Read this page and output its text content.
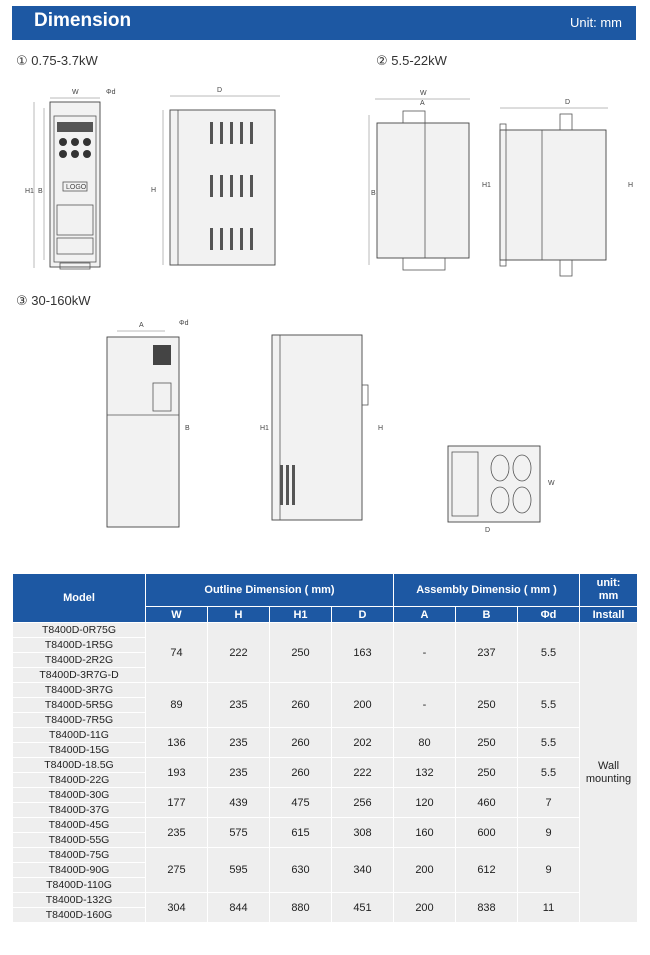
Dimension	Unit: mm
① 0.75-3.7kW	② 5.5-22kW
③ 30-160kW
W	Φd
H1 B
LOGO
D
H
W
A
B
D
H1	H
A	Φd
B	H1	H
W
D
Model	Outline Dimension ( mm)				Assembly Dimensio ( mm )			unit:
mm
	W	H	H1	D	A	B	Φd	Install
T8400D-0R75G	74	222	250	163	-	237	5.5	Wall
mounting
T8400D-1R5G								
T8400D-2R2G								
T8400D-3R7G-D								
T8400D-3R7G	89	235	260	200	-	250	5.5	
T8400D-5R5G								
T8400D-7R5G								
T8400D-11G	136	235	260	202	80	250	5.5	
T8400D-15G								
T8400D-18.5G	193	235	260	222	132	250	5.5	
T8400D-22G								
T8400D-30G	177	439	475	256	120	460	7	
T8400D-37G								
T8400D-45G	235	575	615	308	160	600	9	
T8400D-55G								
T8400D-75G	275	595	630	340	200	612	9	
T8400D-90G								
T8400D-110G								
T8400D-132G	304	844	880	451	200	838	11	
T8400D-160G								
